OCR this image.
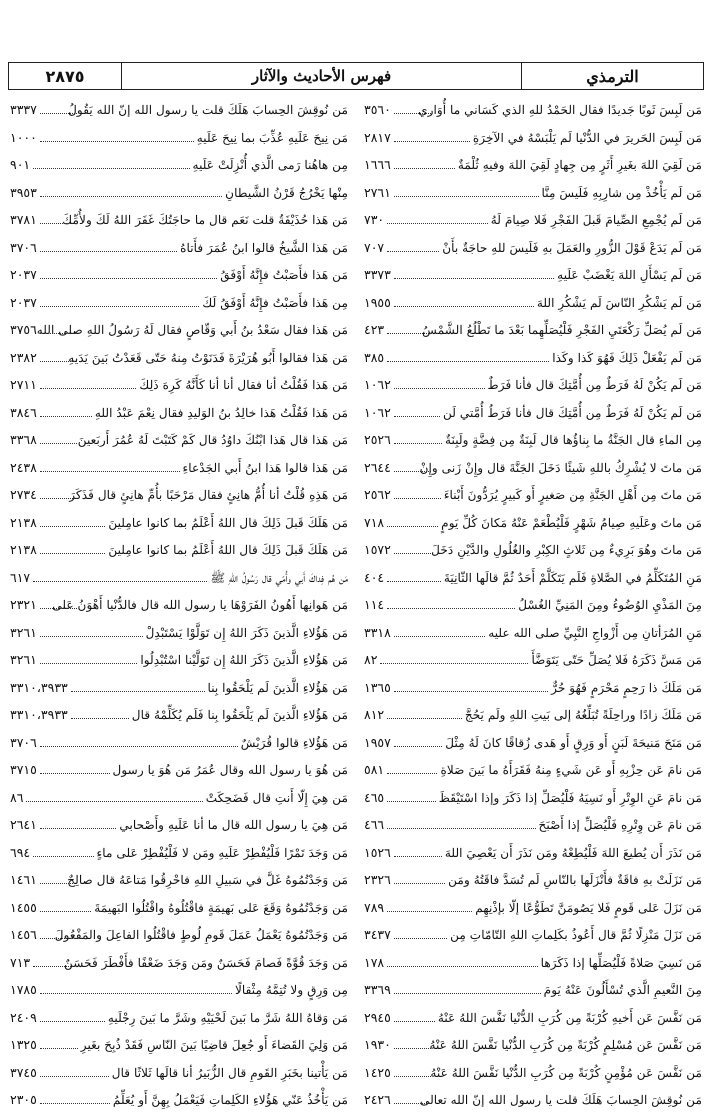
الترمذي
فهرس الأحاديث والآثار
٢٨٧٥
مَن لَبِسَ ثَوبًا جَديدًا فقال الحَمْدُ للهِ الذي كَسَاني ما أُوَاري
٣٥٦٠
مَن لَبِسَ الحَريرَ في الدُّنْيا لَم يَلْبَسْهُ في الآخِرَةِ
٢٨١٧
مَن لَقِيَ اللهَ بغَيرِ أَثَرٍ مِن جِهادٍ لَقِيَ اللهَ وفيهِ ثُلْمَةٌ
١٦٦٦
مَن لَم يَأْخُذْ مِن شارِبِهِ فَلَيسَ مِنَّا
٢٧٦١
مَن لَم يُجْمِعِ الصِّيامَ قَبلَ الفَجْرِ فَلا صِيامَ لَهُ
٧٣٠
مَن لَم يَدَعْ قَوْلَ الزُّورِ والعَمَلَ بهِ فَلَيسَ للهِ حاجَةٌ بأَنْ
٧٠٧
مَن لَم يَسْأَلِ اللهَ يَغْضَبْ عَلَيهِ
٣٣٧٣
مَن لَم يَشْكُرِ النّاسَ لَم يَشْكُرِ اللهَ
١٩٥٥
مَن لَم يُصَلِّ رَكْعَتَيِ الفَجْرِ فَلْيُصَلِّهِما بَعْدَ ما تَطْلُعُ الشَّمْسُ
٤٢٣
مَن لَم يَفْعَلْ ذَلِكَ فَهُوَ كَذا وكَذا
٣٨٥
مَن لَم يَكُنْ لَهُ فَرَطٌ مِن أُمَّتِكَ قال فأنا فَرَطٌ
١٠٦٢
مَن لَم يَكُنْ لَهُ فَرَطٌ مِن أُمَّتِكَ قال فأنا فَرَطُ أُمَّتي لَن
١٠٦٢
مِن الماءِ قال الجَنَّةُ ما بِناؤُها قال لَبِنَةٌ مِن فِضَّةٍ ولَبِنَةٌ
٢٥٢٦
مَن ماتَ لا يُشْرِكُ باللهِ شَيئًا دَخَلَ الجَنَّةَ قال وإِنْ زَنى وإِنْ
٢٦٤٤
مَن ماتَ مِن أَهْلِ الجَنَّةِ مِن صَغيرٍ أَو كَبيرٍ يُرَدُّونَ أَبْناءَ
٢٥٦٢
مَن ماتَ وعَلَيهِ صِيامُ شَهْرٍ فَلْيُطْعَمْ عَنْهُ مَكانَ كُلِّ يَومٍ
٧١٨
مَن ماتَ وهُوَ بَرِيءٌ مِن ثَلاثٍ الكِبْرِ والغُلُولِ والدَّيْنِ دَخَلَ
١٥٧٢
مَنِ المُتَكَلِّمُ في الصَّلاةِ فَلَم يَتَكَلَّمْ أَحَدٌ ثُمَّ قالَها الثّانِيَةَ
٤٠٤
مِنَ المَذْيِ الوُضُوءُ ومِنَ المَنِيِّ الغُسْلُ
١١٤
مَنِ المُرَأتانِ مِن أَزْواجِ النَّبِيِّ صلى الله عليه
٣٣١٨
مَن مَسَّ ذَكَرَهُ فَلا يُصَلِّ حَتّى يَتَوَضَّأَ
٨٢
مَن مَلَكَ ذا رَحِمٍ مَحْرَمٍ فَهُوَ حُرٌّ
١٣٦٥
مَن مَلَكَ زادًا وراحِلَةً تُبَلِّغُهُ إلى بَيتِ اللهِ ولَم يَحُجَّ
٨١٢
مَن مَنَحَ مَنيحَةَ لَبَنٍ أَو وَرِقٍ أَو هَدى زُقاقًا كانَ لَهُ مِثْلَ
١٩٥٧
مَن نامَ عَن حِزْبِهِ أَو عَن شَيءٍ مِنهُ فَقَرَأَهُ ما بَينَ صَلاةِ
٥٨١
مَن نامَ عَنِ الوِتْرِ أَو نَسِيَهُ فَلْيُصَلِّ إذا ذَكَرَ وإذا اسْتَيْقَظَ
٤٦٥
مَن نامَ عَن وِتْرِهِ فَلْيُصَلِّ إذا أَصْبَحَ
٤٦٦
مَن نَذَرَ أَن يُطيعَ اللهَ فَلْيُطِعْهُ ومَن نَذَرَ أَن يَعْصِيَ اللهَ
١٥٢٦
مَن نَزَلَتْ بهِ فاقَةٌ فأَنْزَلَها بالنّاسِ لَم تُسَدَّ فاقَتُهُ ومَن
٢٣٢٦
مَن نَزَلَ عَلى قَومٍ فَلا يَصُومَنَّ تَطَوُّعًا إلّا بإذْنِهِم
٧٨٩
مَن نَزَلَ مَنْزِلًا ثُمَّ قال أَعُوذُ بكَلِماتِ اللهِ التّامّاتِ مِن
٣٤٣٧
مَن نَسِيَ صَلاةً فَلْيُصَلِّها إذا ذَكَرَها
١٧٨
مِنَ النَّعيمِ الَّذي تُسْأَلُونَ عَنْهُ يَومَ
٣٣٦٩
مَن نَفَّسَ عَن أَخيهِ كُرْبَةً مِن كُرَبِ الدُّنْيا نَفَّسَ اللهُ عَنْهُ
٢٩٤٥
مَن نَفَّسَ عَن مُسْلِمٍ كُرْبَةً مِن كُرَبِ الدُّنْيا نَفَّسَ اللهُ عَنْهُ
١٩٣٠
مَن نَفَّسَ عَن مُؤْمِنٍ كُرْبَةً مِن كُرَبِ الدُّنْيا نَفَّسَ اللهُ عَنْهُ
١٤٢٥
مَن نُوقِشَ الحِسابَ هَلَكَ قلت يا رسول الله إنّ الله تعالى
٢٤٢٦
مَن نُوقِشَ الحِسابَ هَلَكَ قلت يا رسول الله إنّ الله يَقُولُ
٣٣٣٧
مَن نِيحَ عَلَيهِ عُذِّبَ بما نِيحَ عَلَيهِ
١٠٠٠
مِن هاهُنا رَمى الَّذي أُنْزِلَتْ عَلَيهِ
٩٠١
مِنْها يَخْرُجُ قَرْنُ الشَّيطانِ
٣٩٥٣
مَن هَذا حُذَيْفَةُ قلت نَعَم قال ما حاجَتُكَ غَفَرَ اللهُ لَكَ ولأُمِّكَ
٣٧٨١
مَن هَذا الشَّيخُ قالوا ابنُ عُمَرَ فأَتاهُ
٣٧٠٦
مَن هَذا فأَصَبْتُ فإِنَّهُ أَوْفَقُ
٢٠٣٧
مِن هَذا فأَصَبْتُ فإِنَّهُ أَوْفَقُ لَكَ
٢٠٣٧
مَن هَذا فقال سَعْدُ بنُ أَبي وَقّاصٍ فقال لَهُ رَسُولُ اللهِ صلى الله
٣٧٥٦
مَن هَذا فقالوا أَبُو هُرَيْرَةَ فَدَنَوْتُ مِنهُ حَتّى قَعَدْتُ بَينَ يَدَيهِ
٢٣٨٢
مَن هَذا فَقُلْتُ أنا فقال أنا أنا كَأَنَّهُ كَرِهَ ذَلِكَ
٢٧١١
مَن هَذا فَقُلْتُ هَذا خالِدُ بنُ الوَليدِ فقال نِعْمَ عَبْدُ اللهِ
٣٨٤٦
مَن هَذا قال هَذا ابْنُكَ داوُدُ قال كَمْ كَتَبْتَ لَهُ عُمُرَ أَربَعينَ
٣٣٦٨
مَن هَذا قالوا هَذا ابنُ أَبي الجَدْعاءِ
٢٤٣٨
مَن هَذِهِ قُلْتُ أنا أُمُّ هانِئٍ فقال مَرْحَبًا بأُمِّ هانِئٍ قال فَذَكَرَ
٢٧٣٤
مَن هَلَكَ قَبلَ ذَلِكَ قال اللهُ أَعْلَمُ بما كانوا عامِلينَ
٢١٣٨
مَن هَلَكَ قَبلَ ذَلِكَ قال اللهُ أَعْلَمُ بما كانوا عامِلينَ
٢١٣٨
مَن هُم فِداكَ أَبي وأُمّي قال رَسُولُ اللهِ ﷺ
٦١٧
مَن هَوانِها أَهُونُ الفَرَوْهَا يا رسول الله قال فالدُّنْيا أَهْوَنُ عَلى
٢٣٢١
مَن هَؤُلاءِ الَّذينَ ذَكَرَ اللهُ إِن تَوَلَّوْا يَسْتَبْدِلْ
٣٢٦١
مَن هَؤُلاءِ الَّذينَ ذَكَرَ اللهُ إِن تَوَلَّيْنا اسْتُبْدِلُوا
٣٢٦١
مَن هَؤُلاءِ الَّذينَ لَم يَلْحَقُوا بِنا
٣٣١٠،٣٩٣٣
مَن هَؤُلاءِ الَّذينَ لَم يَلْحَقُوا بِنا فَلَم يُكَلِّمْهُ قال
٣٣١٠،٣٩٣٣
مَن هَؤُلاءِ قالوا قُرَيْشٌ
٣٧٠٦
مَن هُوَ يا رسول الله وقال عُمَرُ مَن هُوَ يا رسول
٣٧١٥
مَن هِيَ إِلّا أَنتِ قال فَضَحِكَتْ
٨٦
مَن هِيَ يا رسول الله قال ما أنا عَلَيهِ وأَصْحابي
٢٦٤١
مَن وَجَدَ تَمْرًا فَلْيُفْطِرْ عَلَيهِ ومَن لا فَلْيُفْطِرْ عَلى ماءٍ
٦٩٤
مَن وَجَدْتُمُوهُ غَلَّ في سَبيلِ اللهِ فاحْرِقُوا مَتاعَهُ قال صالِحٌ
١٤٦١
مَن وَجَدْتُمُوهُ وَقَعَ عَلى بَهيمَةٍ فاقْتُلُوهُ واقْتُلُوا البَهيمَةَ
١٤٥٥
مَن وَجَدْتُمُوهُ يَعْمَلُ عَمَلَ قَومِ لُوطٍ فاقْتُلُوا الفاعِلَ والمَفْعُولَ
١٤٥٦
مَن وَجَدَ قُوَّةً فَصامَ فَحَسَنٌ ومَن وَجَدَ ضَعْفًا فأَفْطَرَ فَحَسَنٌ
٧١٣
مِن وَرِقٍ ولا تُتِمَّهُ مِثْقالًا
١٧٨٥
مَن وَقاهُ اللهُ شَرَّ ما بَينَ لَحْيَيْهِ وشَرَّ ما بَينَ رِجْلَيهِ
٢٤٠٩
مَن وَلِيَ القَضاءَ أَو جُعِلَ قاضِيًا بَينَ النّاسِ فَقَدْ ذُبِحَ بغَيرِ
١٣٢٥
مَن يَأْتينا بخَبَرِ القَومِ قال الزُّبَيرُ أنا قالَها ثَلاثًا قال
٣٧٤٥
مَن يَأْخُذُ عَنّي هَؤُلاءِ الكَلِماتِ فَيَعْمَلُ بِهِنَّ أَو يُعَلِّمُ
٢٣٠٥
